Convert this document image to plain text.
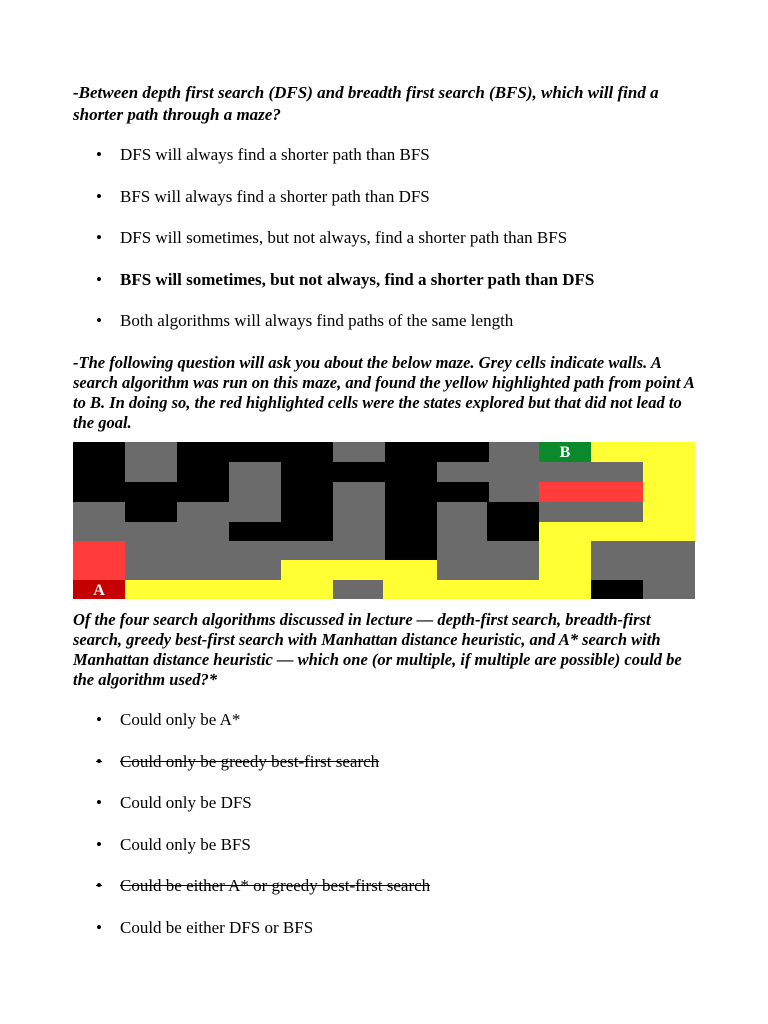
-Between depth first search (DFS) and breadth first search (BFS), which will find a shorter path through a maze?
•	DFS will always find a shorter path than BFS
•	BFS will always find a shorter path than DFS
•	DFS will sometimes, but not always, find a shorter path than BFS
•	BFS will sometimes, but not always, find a shorter path than DFS
•	Both algorithms will always find paths of the same length
-The following question will ask you about the below maze. Grey cells indicate walls. A search algorithm was run on this maze, and found the yellow highlighted path from point A to B. In doing so, the red highlighted cells were the states explored but that did not lead to the goal.
B
A
Of the four search algorithms discussed in lecture — depth-first search, breadth-first search, greedy best-first search with Manhattan distance heuristic, and A* search with Manhattan distance heuristic — which one (or multiple, if multiple are possible) could be the algorithm used?*
•	Could only be A*
•	Could only be greedy best-first search
•	Could only be DFS
•	Could only be BFS
•	Could be either A* or greedy best-first search
•	Could be either DFS or BFS
